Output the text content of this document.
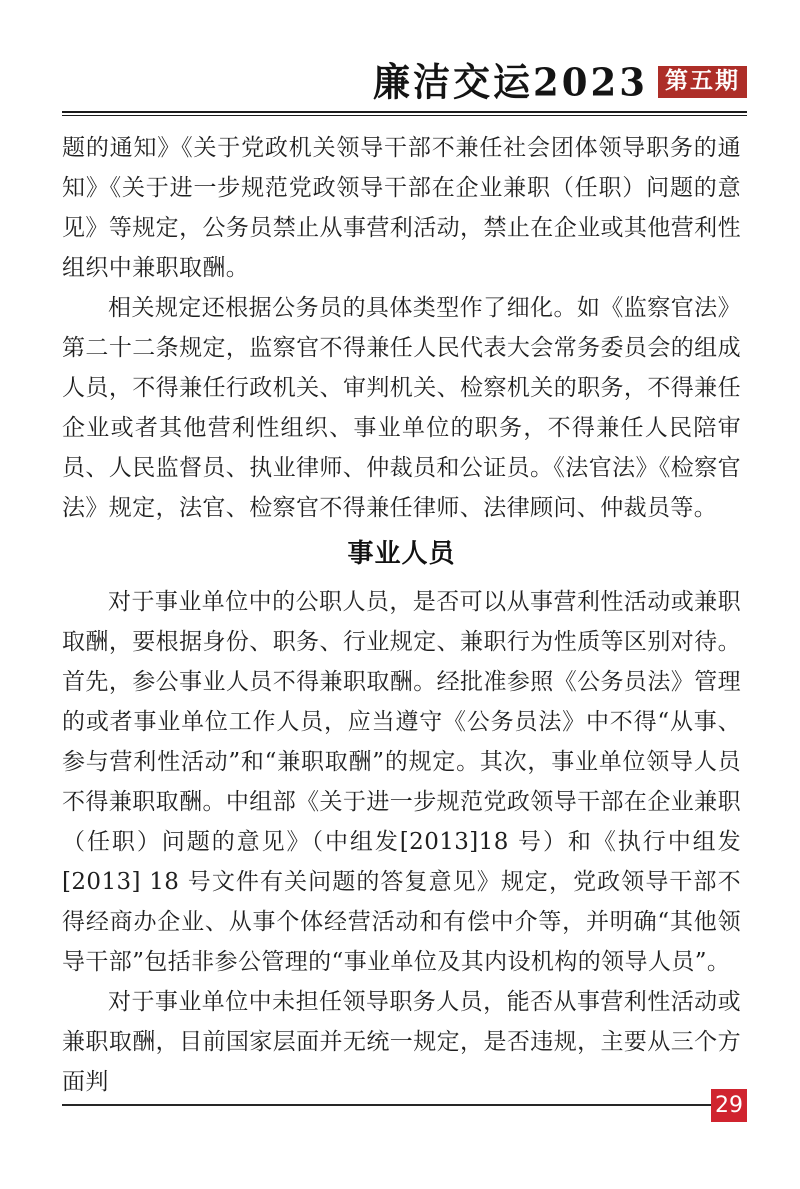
廉洁交运2023 第五期

题的通知》《关于党政机关领导干部不兼任社会团体领导职务的通知》《关于进一步规范党政领导干部在企业兼职（任职）问题的意见》等规定，公务员禁止从事营利活动，禁止在企业或其他营利性组织中兼职取酬。

相关规定还根据公务员的具体类型作了细化。如《监察官法》第二十二条规定，监察官不得兼任人民代表大会常务委员会的组成人员，不得兼任行政机关、审判机关、检察机关的职务，不得兼任企业或者其他营利性组织、事业单位的职务，不得兼任人民陪审员、人民监督员、执业律师、仲裁员和公证员。《法官法》《检察官法》规定，法官、检察官不得兼任律师、法律顾问、仲裁员等。

事业人员

对于事业单位中的公职人员，是否可以从事营利性活动或兼职取酬，要根据身份、职务、行业规定、兼职行为性质等区别对待。首先，参公事业人员不得兼职取酬。经批准参照《公务员法》管理的或者事业单位工作人员，应当遵守《公务员法》中不得“从事、参与营利性活动”和“兼职取酬”的规定。其次，事业单位领导人员不得兼职取酬。中组部《关于进一步规范党政领导干部在企业兼职（任职）问题的意见》（中组发[2013]18 号）和《执行中组发[2013] 18 号文件有关问题的答复意见》规定，党政领导干部不得经商办企业、从事个体经营活动和有偿中介等，并明确“其他领导干部”包括非参公管理的“事业单位及其内设机构的领导人员”。

对于事业单位中未担任领导职务人员，能否从事营利性活动或兼职取酬，目前国家层面并无统一规定，是否违规，主要从三个方面判

29
